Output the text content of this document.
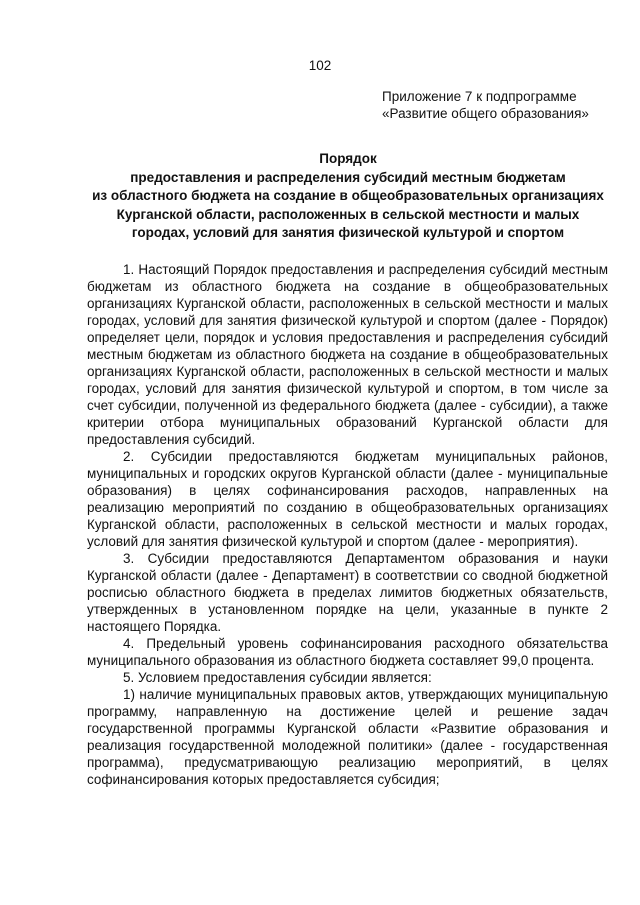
102
Приложение 7 к подпрограмме
«Развитие общего образования»
Порядок
предоставления и распределения субсидий местным бюджетам
из областного бюджета на создание в общеобразовательных организациях
Курганской области, расположенных в сельской местности и малых
городах, условий для занятия физической культурой и спортом

1. Настоящий Порядок предоставления и распределения субсидий местным бюджетам из областного бюджета на создание в общеобразовательных организациях Курганской области, расположенных в сельской местности и малых городах, условий для занятия физической культурой и спортом (далее - Порядок) определяет цели, порядок и условия предоставления и распределения субсидий местным бюджетам из областного бюджета на создание в общеобразовательных организациях Курганской области, расположенных в сельской местности и малых городах, условий для занятия физической культурой и спортом, в том числе за счет субсидии, полученной из федерального бюджета (далее - субсидии), а также критерии отбора муниципальных образований Курганской области для предоставления субсидий.

2. Субсидии предоставляются бюджетам муниципальных районов, муниципальных и городских округов Курганской области (далее - муниципальные образования) в целях софинансирования расходов, направленных на реализацию мероприятий по созданию в общеобразовательных организациях Курганской области, расположенных в сельской местности и малых городах, условий для занятия физической культурой и спортом (далее - мероприятия).

3. Субсидии предоставляются Департаментом образования и науки Курганской области (далее - Департамент) в соответствии со сводной бюджетной росписью областного бюджета в пределах лимитов бюджетных обязательств, утвержденных в установленном порядке на цели, указанные в пункте 2 настоящего Порядка.

4. Предельный уровень софинансирования расходного обязательства муниципального образования из областного бюджета составляет 99,0 процента.

5. Условием предоставления субсидии является:

1) наличие муниципальных правовых актов, утверждающих муниципальную программу, направленную на достижение целей и решение задач государственной программы Курганской области «Развитие образования и реализация государственной молодежной политики» (далее - государственная программа), предусматривающую реализацию мероприятий, в целях софинансирования которых предоставляется субсидия;
